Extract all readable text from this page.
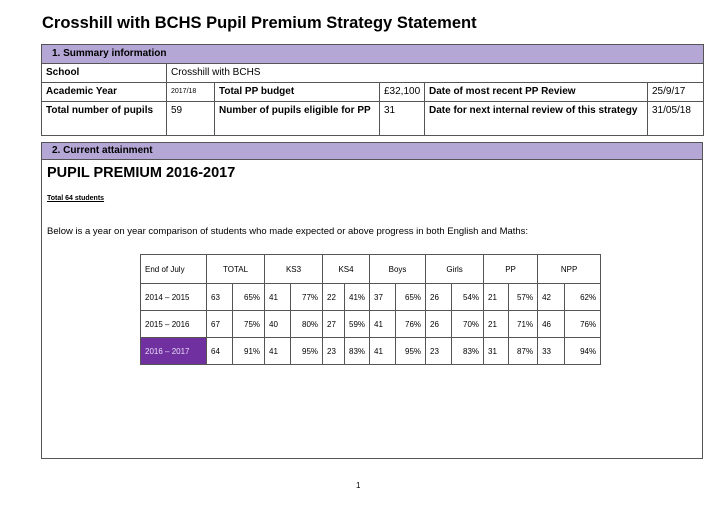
Crosshill with BCHS Pupil Premium Strategy Statement
1. Summary information					
School	Crosshill with BCHS				
Academic Year	2017/18	Total PP budget	£32,100	Date of most recent PP Review	25/9/17
Total number of pupils	59	Number of pupils eligible for PP	31	Date for next internal review of this strategy	31/05/18
2. Current attainment
PUPIL PREMIUM 2016-2017
Total 64 students
Below is a year on year comparison of students who made expected or above progress in both English and Maths:
End of July	TOTAL		KS3		KS4		Boys		Girls		PP		NPP	
2014 – 2015	63	65%	41	77%	22	41%	37	65%	26	54%	21	57%	42	62%
2015 – 2016	67	75%	40	80%	27	59%	41	76%	26	70%	21	71%	46	76%
2016 – 2017	64	91%	41	95%	23	83%	41	95%	23	83%	31	87%	33	94%
1
